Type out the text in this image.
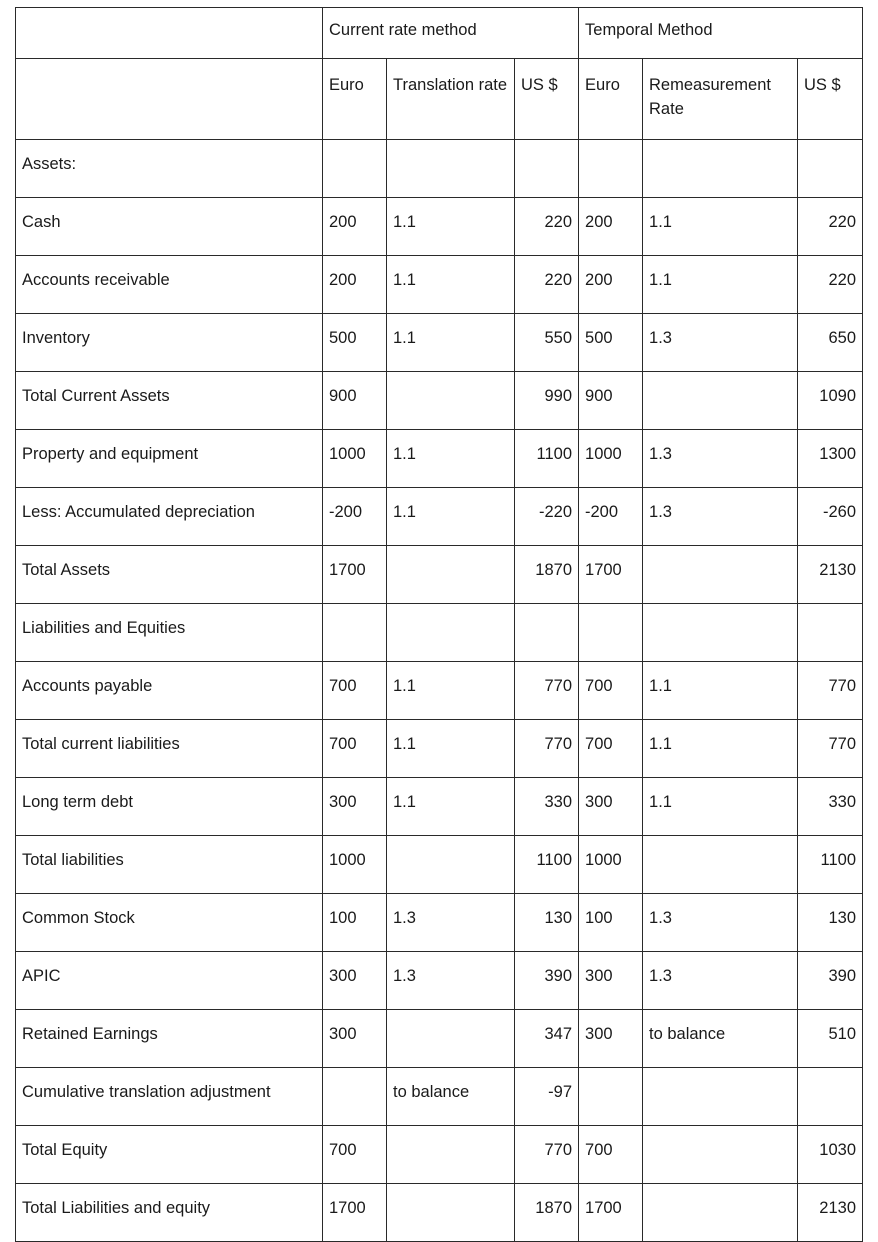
	Current rate method			Temporal Method		
	Euro	Translation rate	US $	Euro	Remeasurement Rate	US $
Assets:						
Cash	200	1.1	220	200	1.1	220
Accounts receivable	200	1.1	220	200	1.1	220
Inventory	500	1.1	550	500	1.3	650
Total Current Assets	900		990	900		1090
Property and equipment	1000	1.1	1100	1000	1.3	1300
Less: Accumulated depreciation	-200	1.1	-220	-200	1.3	-260
Total Assets	1700		1870	1700		2130
Liabilities and Equities						
Accounts payable	700	1.1	770	700	1.1	770
Total current liabilities	700	1.1	770	700	1.1	770
Long term debt	300	1.1	330	300	1.1	330
Total liabilities	1000		1100	1000		1100
Common Stock	100	1.3	130	100	1.3	130
APIC	300	1.3	390	300	1.3	390
Retained Earnings	300		347	300	to balance	510
Cumulative translation adjustment		to balance	-97			
Total Equity	700		770	700		1030
Total Liabilities and equity	1700		1870	1700		2130
